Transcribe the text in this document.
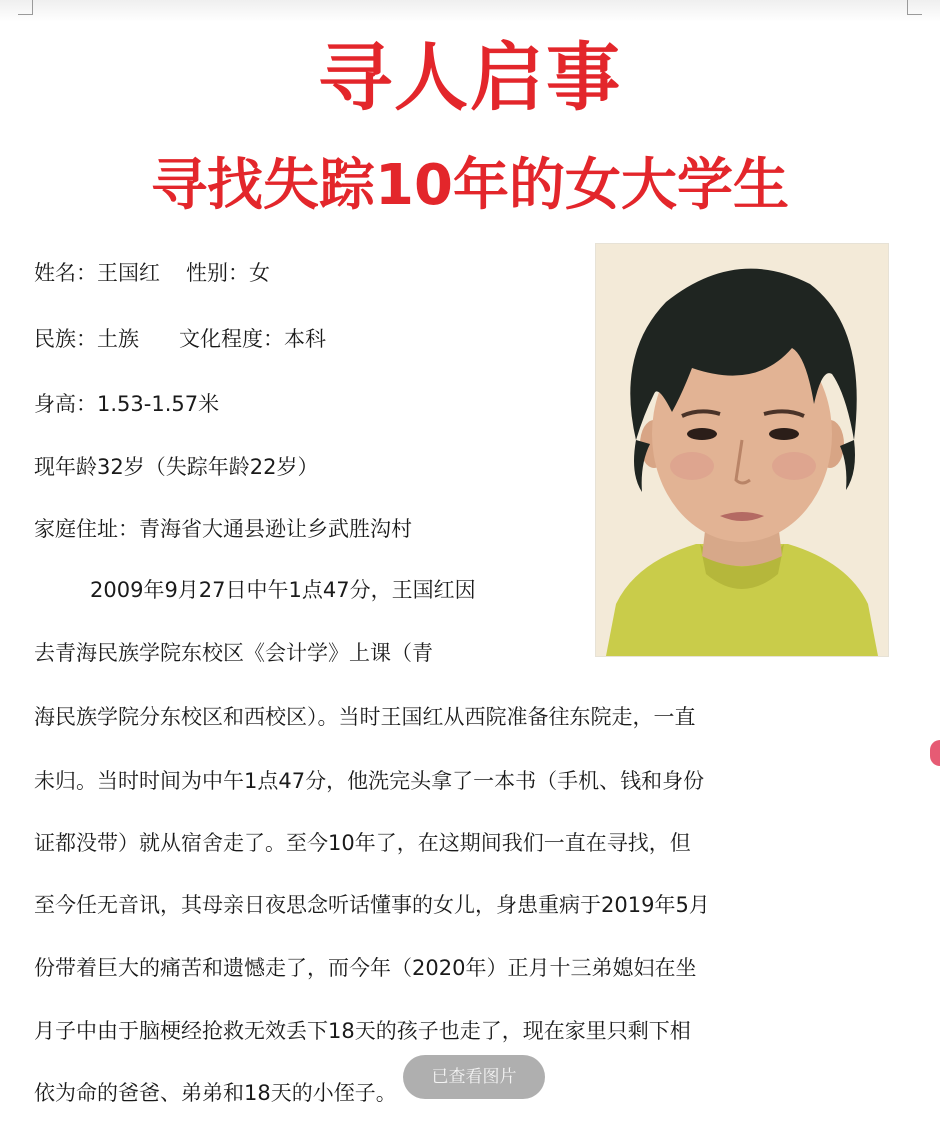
寻人启事
寻找失踪10年的女大学生
姓名：王国红 性别：女
民族：土族 文化程度：本科
身高：1.53-1.57米
现年龄32岁（失踪年龄22岁）
家庭住址：青海省大通县逊让乡武胜沟村
2009年9月27日中午1点47分，王国红因
去青海民族学院东校区《会计学》上课（青
海民族学院分东校区和西校区）。当时王国红从西院准备往东院走，一直
未归。当时时间为中午1点47分，他洗完头拿了一本书（手机、钱和身份
证都没带）就从宿舍走了。至今10年了，在这期间我们一直在寻找，但
至今任无音讯，其母亲日夜思念听话懂事的女儿，身患重病于2019年5月
份带着巨大的痛苦和遗憾走了，而今年（2020年）正月十三弟媳妇在坐
月子中由于脑梗经抢救无效丢下18天的孩子也走了，现在家里只剩下相
依为命的爸爸、弟弟和18天的小侄子。
已查看图片
